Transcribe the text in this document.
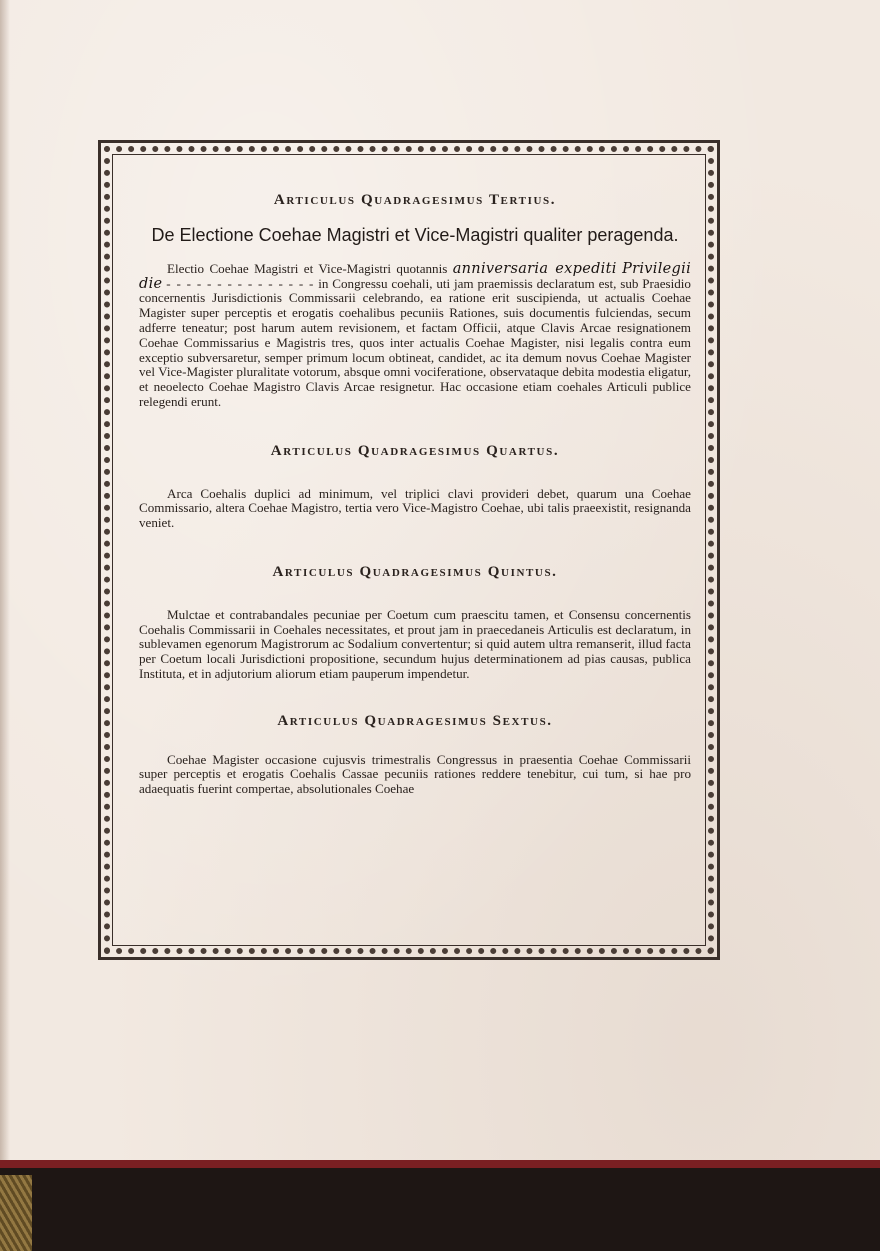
Articulus Quadragesimus Tertius.
De Electione Coehae Magistri et Vice-Magistri qualiter peragenda.

Electio Coehae Magistri et Vice-Magistri quotannis anniversaria expediti Privilegii die - - - - - - - - - - - - - - - in Congressu coehali, uti jam praemissis declaratum est, sub Praesidio concernentis Jurisdictionis Commissarii celebrando, ea ratione erit suscipienda, ut actualis Coehae Magister super perceptis et erogatis coehalibus pecuniis Rationes, suis documentis fulciendas, secum adferre teneatur; post harum autem revisionem, et factam Officii, atque Clavis Arcae resignationem Coehae Commissarius e Magistris tres, quos inter actualis Coehae Magister, nisi legalis contra eum exceptio subversaretur, semper primum locum obtineat, candidet, ac ita demum novus Coehae Magister vel Vice-Magister pluralitate votorum, absque omni vociferatione, observataque debita modestia eligatur, et neoelecto Coehae Magistro Clavis Arcae resignetur. Hac occasione etiam coehales Articuli publice relegendi erunt.

Articulus Quadragesimus Quartus.

Arca Coehalis duplici ad minimum, vel triplici clavi provideri debet, quarum una Coehae Commissario, altera Coehae Magistro, tertia vero Vice-Magistro Coehae, ubi talis praeexistit, resignanda veniet.

Articulus Quadragesimus Quintus.

Mulctae et contrabandales pecuniae per Coetum cum praescitu tamen, et Consensu concernentis Coehalis Commissarii in Coehales necessitates, et prout jam in praecedaneis Articulis est declaratum, in sublevamen egenorum Magistrorum ac Sodalium convertentur; si quid autem ultra remanserit, illud facta per Coetum locali Jurisdictioni propositione, secundum hujus determinationem ad pias causas, publica Instituta, et in adjutorium aliorum etiam pauperum impendetur.

Articulus Quadragesimus Sextus.

Coehae Magister occasione cujusvis trimestralis Congressus in praesentia Coehae Commissarii super perceptis et erogatis Coehalis Cassae pecuniis rationes reddere tenebitur, cui tum, si hae pro adaequatis fuerint compertae, absolutionales Coehae
